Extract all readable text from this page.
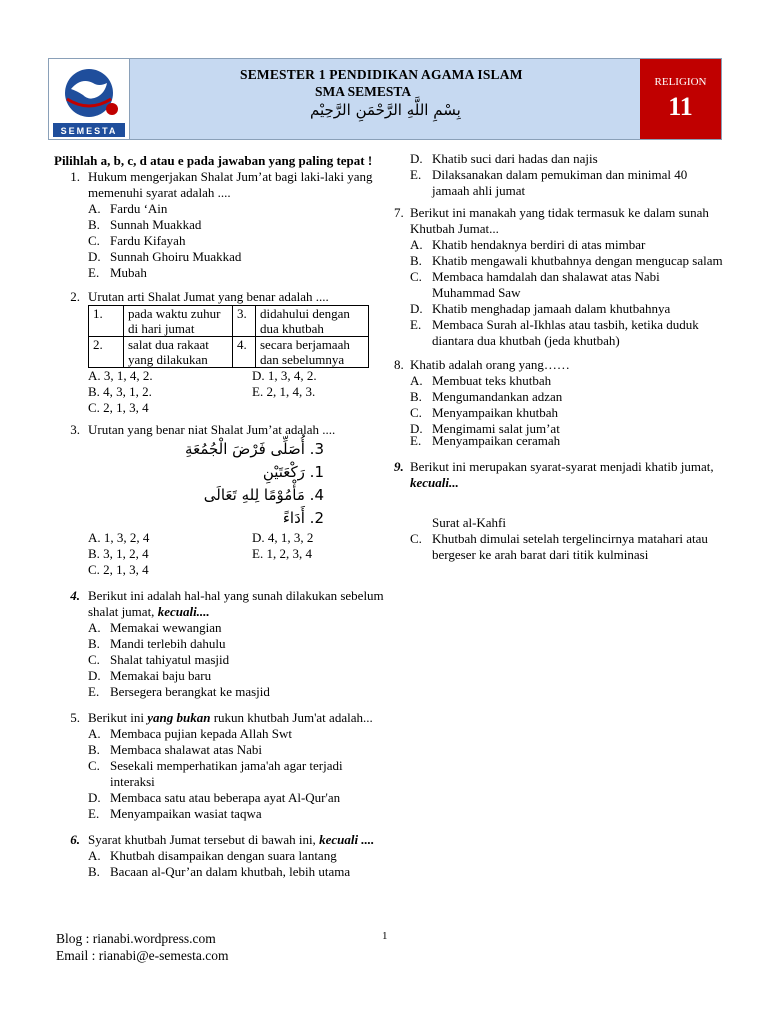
SEMESTA
SEMESTER 1 PENDIDIKAN AGAMA ISLAM
SMA SEMESTA
بِسْمِ اللَّهِ الرَّحْمَنِ الرَّحِيْم
RELIGION
11
Pilihlah a, b, c, d atau e pada jawaban yang paling tepat !
1. Hukum mengerjakan Shalat Jum’at bagi laki-laki yang memenuhi syarat adalah ....
A. Fardu ‘Ain
B. Sunnah Muakkad
C. Fardu Kifayah
D. Sunnah Ghoiru Muakkad
E. Mubah
2. Urutan arti Shalat Jumat yang benar adalah ....
1.	pada waktu zuhur di hari jumat	3.	didahului dengan dua khutbah
2.	salat dua rakaat yang dilakukan	4.	secara berjamaah dan sebelumnya
A. 3, 1, 4, 2.	D. 1, 3, 4, 2.
B. 4, 3, 1, 2.	E. 2, 1, 4, 3.
C. 2, 1, 3, 4
3. Urutan yang benar niat Shalat Jum’at adalah ....
3. أُصَلِّى فَرْضَ الْجُمُعَةِ
1. رَكْعَتَيْنِ
4. مَأْمُوْمًا لِلهِ تَعَالَى
2. أَدَاءً
A. 1, 3, 2, 4	D. 4, 1, 3, 2
B. 3, 1, 2, 4	E. 1, 2, 3, 4
C. 2, 1, 3, 4
4. Berikut ini adalah hal-hal yang sunah dilakukan sebelum shalat jumat, kecuali....
A. Memakai wewangian
B. Mandi terlebih dahulu
C. Shalat tahiyatul masjid
D. Memakai baju baru
E. Bersegera berangkat ke masjid
5. Berikut ini yang bukan rukun khutbah Jum'at adalah...
A. Membaca pujian kepada Allah Swt
B. Membaca shalawat atas Nabi
C. Sesekali memperhatikan jama'ah agar terjadi interaksi
D. Membaca satu atau beberapa ayat Al-Qur'an
E. Menyampaikan wasiat taqwa
6. Syarat khutbah Jumat tersebut di bawah ini, kecuali ....
A. Khutbah disampaikan dengan suara lantang
B. Bacaan al-Qur’an dalam khutbah, lebih utama
D. Khatib suci dari hadas dan najis
E. Dilaksanakan dalam pemukiman dan minimal 40 jamaah ahli jumat
7. Berikut ini manakah yang tidak termasuk ke dalam sunah Khutbah Jumat...
A. Khatib hendaknya berdiri di atas mimbar
B. Khatib mengawali khutbahnya dengan mengucap salam
C. Membaca hamdalah dan shalawat atas Nabi Muhammad Saw
D. Khatib menghadap jamaah dalam khutbahnya
E. Membaca Surah al-Ikhlas atau tasbih, ketika duduk diantara dua khutbah (jeda khutbah)
8. Khatib adalah orang yang……
A. Membuat teks khutbah
B. Mengumandankan adzan
C. Menyampaikan khutbah
D. Mengimami salat jum’at
E. Menyampaikan ceramah
9. Berikut ini merupakan syarat-syarat menjadi khatib jumat, kecuali...
Surat al-Kahfi
C. Khutbah dimulai setelah tergelincirnya matahari atau bergeser ke arah barat dari titik kulminasi
Blog : rianabi.wordpress.com
Email : rianabi@e-semesta.com
1
